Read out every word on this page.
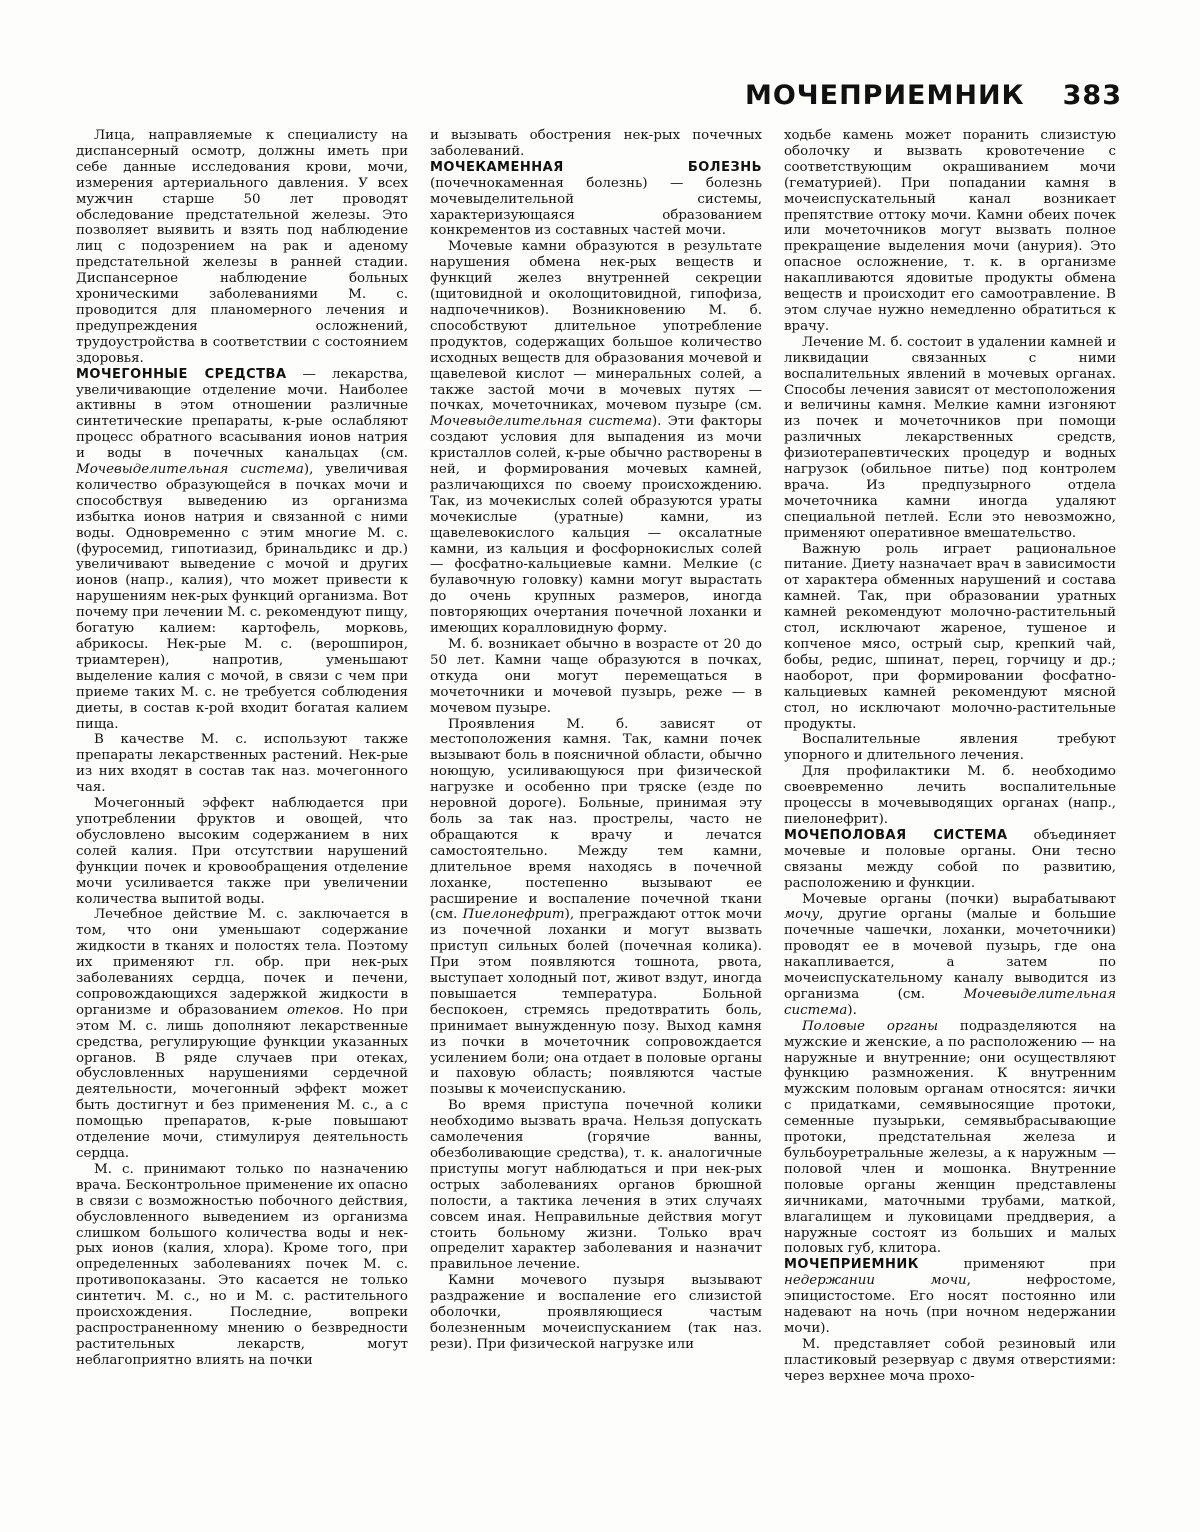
МОЧЕПРИЕМНИК 383

Лица, направляемые к специалисту на диспансерный осмотр, должны иметь при себе данные исследования крови, мочи, измерения артериального давления. У всех мужчин старше 50 лет проводят обследование предстательной железы. Это позволяет выявить и взять под наблюдение лиц с подозрением на рак и аденому предстательной железы в ранней стадии. Диспансерное наблюдение больных хроническими заболеваниями М. с. проводится для планомерного лечения и предупреждения осложнений, трудоустройства в соответствии с состоянием здоровья.

МОЧЕГОННЫЕ СРЕДСТВА — лекарства, увеличивающие отделение мочи. Наиболее активны в этом отношении различные синтетические препараты, к-рые ослабляют процесс обратного всасывания ионов натрия и воды в почечных канальцах (см. Мочевыделительная система), увеличивая количество образующейся в почках мочи и способствуя выведению из организма избытка ионов натрия и связанной с ними воды. Одновременно с этим многие М. с. (фуросемид, гипотиазид, бринальдикс и др.) увеличивают выведение с мочой и других ионов (напр., калия), что может привести к нарушениям нек-рых функций организма. Вот почему при лечении М. с. рекомендуют пищу, богатую калием: картофель, морковь, абрикосы. Нек-рые М. с. (верошпирон, триамтерен), напротив, уменьшают выделение калия с мочой, в связи с чем при приеме таких М. с. не требуется соблюдения диеты, в состав к-рой входит богатая калием пища.

В качестве М. с. используют также препараты лекарственных растений. Нек-рые из них входят в состав так наз. мочегонного чая.

Мочегонный эффект наблюдается при употреблении фруктов и овощей, что обусловлено высоким содержанием в них солей калия. При отсутствии нарушений функции почек и кровообращения отделение мочи усиливается также при увеличении количества выпитой воды.

Лечебное действие М. с. заключается в том, что они уменьшают содержание жидкости в тканях и полостях тела. Поэтому их применяют гл. обр. при нек-рых заболеваниях сердца, почек и печени, сопровождающихся задержкой жидкости в организме и образованием отеков. Но при этом М. с. лишь дополняют лекарственные средства, регулирующие функции указанных органов. В ряде случаев при отеках, обусловленных нарушениями сердечной деятельности, мочегонный эффект может быть достигнут и без применения М. с., а с помощью препаратов, к-рые повышают отделение мочи, стимулируя деятельность сердца.

М. с. принимают только по назначению врача. Бесконтрольное применение их опасно в связи с возможностью побочного действия, обусловленного выведением из организма слишком большого количества воды и нек-рых ионов (калия, хлора). Кроме того, при определенных заболеваниях почек М. с. противопоказаны. Это касается не только синтетич. М. с., но и М. с. растительного происхождения. Последние, вопреки распространенному мнению о безвредности растительных лекарств, могут неблагоприятно влиять на почки

и вызывать обострения нек-рых почечных заболеваний.

МОЧЕКАМЕННАЯ БОЛЕЗНЬ (почечнокаменная болезнь) — болезнь мочевыделительной системы, характеризующаяся образованием конкрементов из составных частей мочи.

Мочевые камни образуются в результате нарушения обмена нек-рых веществ и функций желез внутренней секреции (щитовидной и околощитовидной, гипофиза, надпочечников). Возникновению М. б. способствуют длительное употребление продуктов, содержащих большое количество исходных веществ для образования мочевой и щавелевой кислот — минеральных солей, а также застой мочи в мочевых путях — почках, мочеточниках, мочевом пузыре (см. Мочевыделительная система). Эти факторы создают условия для выпадения из мочи кристаллов солей, к-рые обычно растворены в ней, и формирования мочевых камней, различающихся по своему происхождению. Так, из мочекислых солей образуются ураты мочекислые (уратные) камни, из щавелевокислого кальция — оксалатные камни, из кальция и фосфорнокислых солей — фосфатно-кальциевые камни. Мелкие (с булавочную головку) камни могут вырастать до очень крупных размеров, иногда повторяющих очертания почечной лоханки и имеющих коралловидную форму.

М. б. возникает обычно в возрасте от 20 до 50 лет. Камни чаще образуются в почках, откуда они могут перемещаться в мочеточники и мочевой пузырь, реже — в мочевом пузыре.

Проявления М. б. зависят от местоположения камня. Так, камни почек вызывают боль в поясничной области, обычно ноющую, усиливающуюся при физической нагрузке и особенно при тряске (езде по неровной дороге). Больные, принимая эту боль за так наз. прострелы, часто не обращаются к врачу и лечатся самостоятельно. Между тем камни, длительное время находясь в почечной лоханке, постепенно вызывают ее расширение и воспаление почечной ткани (см. Пиелонефрит), преграждают отток мочи из почечной лоханки и могут вызвать приступ сильных болей (почечная колика). При этом появляются тошнота, рвота, выступает холодный пот, живот вздут, иногда повышается температура. Больной беспокоен, стремясь предотвратить боль, принимает вынужденную позу. Выход камня из почки в мочеточник сопровождается усилением боли; она отдает в половые органы и паховую область; появляются частые позывы к мочеиспусканию.

Во время приступа почечной колики необходимо вызвать врача. Нельзя допускать самолечения (горячие ванны, обезболивающие средства), т. к. аналогичные приступы могут наблюдаться и при нек-рых острых заболеваниях органов брюшной полости, а тактика лечения в этих случаях совсем иная. Неправильные действия могут стоить больному жизни. Только врач определит характер заболевания и назначит правильное лечение.

Камни мочевого пузыря вызывают раздражение и воспаление его слизистой оболочки, проявляющиеся частым болезненным мочеиспусканием (так наз. рези). При физической нагрузке или

ходьбе камень может поранить слизистую оболочку и вызвать кровотечение с соответствующим окрашиванием мочи (гематурией). При попадании камня в мочеиспускательный канал возникает препятствие оттоку мочи. Камни обеих почек или мочеточников могут вызвать полное прекращение выделения мочи (анурия). Это опасное осложнение, т. к. в организме накапливаются ядовитые продукты обмена веществ и происходит его самоотравление. В этом случае нужно немедленно обратиться к врачу.

Лечение М. б. состоит в удалении камней и ликвидации связанных с ними воспалительных явлений в мочевых органах. Способы лечения зависят от местоположения и величины камня. Мелкие камни изгоняют из почек и мочеточников при помощи различных лекарственных средств, физиотерапевтических процедур и водных нагрузок (обильное питье) под контролем врача. Из предпузырного отдела мочеточника камни иногда удаляют специальной петлей. Если это невозможно, применяют оперативное вмешательство.

Важную роль играет рациональное питание. Диету назначает врач в зависимости от характера обменных нарушений и состава камней. Так, при образовании уратных камней рекомендуют молочно-растительный стол, исключают жареное, тушеное и копченое мясо, острый сыр, крепкий чай, бобы, редис, шпинат, перец, горчицу и др.; наоборот, при формировании фосфатно-кальциевых камней рекомендуют мясной стол, но исключают молочно-растительные продукты.

Воспалительные явления требуют упорного и длительного лечения.

Для профилактики М. б. необходимо своевременно лечить воспалительные процессы в мочевыводящих органах (напр., пиелонефрит).

МОЧЕПОЛОВАЯ СИСТЕМА объединяет мочевые и половые органы. Они тесно связаны между собой по развитию, расположению и функции.

Мочевые органы (почки) вырабатывают мочу, другие органы (малые и большие почечные чашечки, лоханки, мочеточники) проводят ее в мочевой пузырь, где она накапливается, а затем по мочеиспускательному каналу выводится из организма (см. Мочевыделительная система).

Половые органы подразделяются на мужские и женские, а по расположению — на наружные и внутренние; они осуществляют функцию размножения. К внутренним мужским половым органам относятся: яички с придатками, семявыносящие протоки, семенные пузырьки, семявыбрасывающие протоки, предстательная железа и бульбоуретральные железы, а к наружным — половой член и мошонка. Внутренние половые органы женщин представлены яичниками, маточными трубами, маткой, влагалищем и луковицами преддверия, а наружные состоят из больших и малых половых губ, клитора.

МОЧЕПРИЕМНИК применяют при недержании мочи, нефростоме, эпицистостоме. Его носят постоянно или надевают на ночь (при ночном недержании мочи).

М. представляет собой резиновый или пластиковый резервуар с двумя отверстиями: через верхнее моча прохо-
